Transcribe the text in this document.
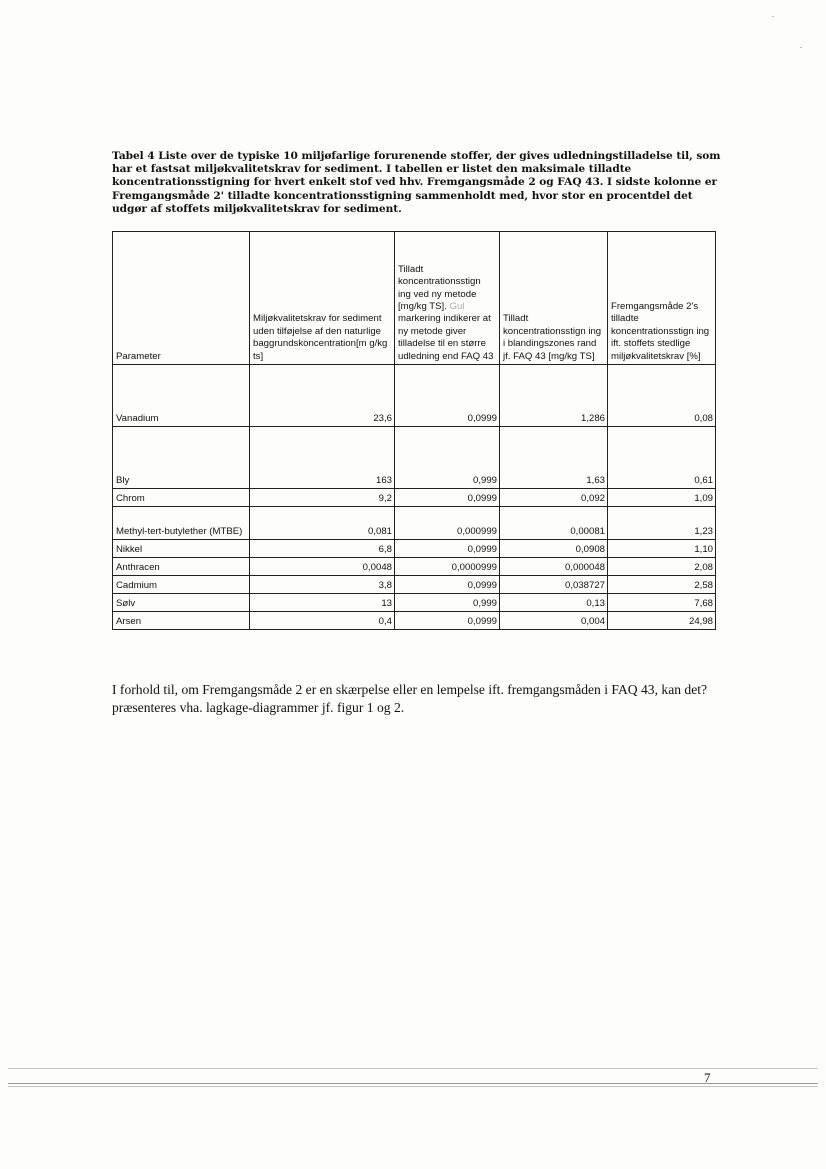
Tabel 4 Liste over de typiske 10 miljøfarlige forurenende stoffer, der gives udledningstilladelse til, som har et fastsat miljøkvalitetskrav for sediment. I tabellen er listet den maksimale tilladte koncentrationsstigning for hvert enkelt stof ved hhv. Fremgangsmåde 2 og FAQ 43. I sidste kolonne er Fremgangsmåde 2' tilladte koncentrationsstigning sammenholdt med, hvor stor en procentdel det udgør af stoffets miljøkvalitetskrav for sediment.
Parameter	Miljøkvalitetskrav for sediment uden tilføjelse af den naturlige baggrundskoncentration[m g/kg ts]	Tilladt koncentrationsstign ing ved ny metode [mg/kg TS]. Gul markering indikerer at ny metode giver tilladelse til en større udledning end FAQ 43	Tilladt koncentrationsstign ing i blandingszones rand jf. FAQ 43 [mg/kg TS]	Fremgangsmåde 2's tilladte koncentrationsstign ing ift. stoffets stedlige miljøkvalitetskrav [%]
Vanadium	23,6	0,0999	1,286	0,08
Bly	163	0,999	1,63	0,61
Chrom	9,2	0,0999	0,092	1,09
Methyl-tert-butylether (MTBE)	0,081	0,000999	0,00081	1,23
Nikkel	6,8	0,0999	0,0908	1,10
Anthracen	0,0048	0,0000999	0,000048	2,08
Cadmium	3,8	0,0999	0,038727	2,58
Sølv	13	0,999	0,13	7,68
Arsen	0,4	0,0999	0,004	24,98
I forhold til, om Fremgangsmåde 2 er en skærpelse eller en lempelse ift. fremgangsmåden i FAQ 43, kan det? præsenteres vha. lagkage-diagrammer jf. figur 1 og 2.
7
